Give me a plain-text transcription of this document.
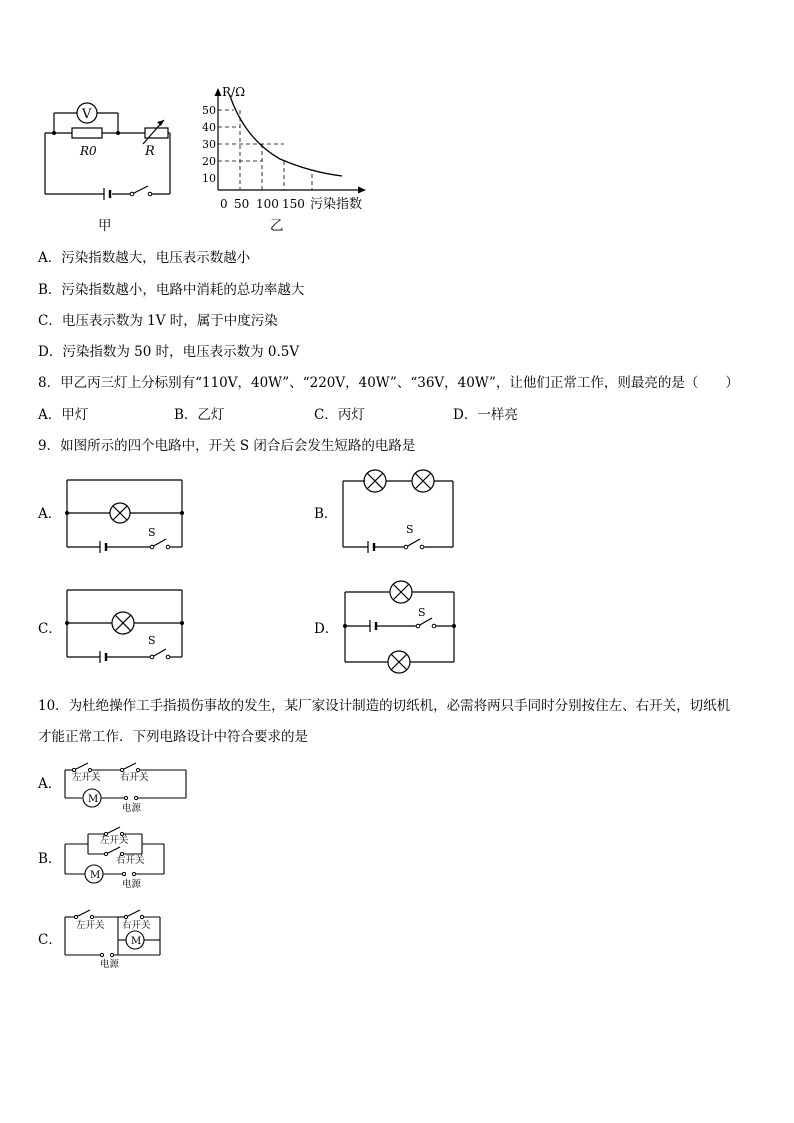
V
R0	R
甲
R/Ω
50
40
30
20
10
0 50 100 150 污染指数
乙
A．污染指数越大，电压表示数越小
B．污染指数越小，电路中消耗的总功率越大
C．电压表示数为 1V 时，属于中度污染
D．污染指数为 50 时，电压表示数为 0.5V
8．甲乙丙三灯上分标别有“110V，40W”、“220V，40W”、“36V，40W”，让他们正常工作，则最亮的是（　　）
A．甲灯	B．乙灯	C．丙灯	D．一样亮
9．如图所示的四个电路中，开关 S 闭合后会发生短路的电路是
A．
S
B．
S
C．
S
D．
S
10．为杜绝操作工手指损伤事故的发生，某厂家设计制造的切纸机，必需将两只手同时分别按住左、右开关，切纸机
才能正常工作．下列电路设计中符合要求的是
A． 左开关 右开关
M
电源
B．
左开关
右开关
M
电源
C．
左开关 右开关
M
电源
